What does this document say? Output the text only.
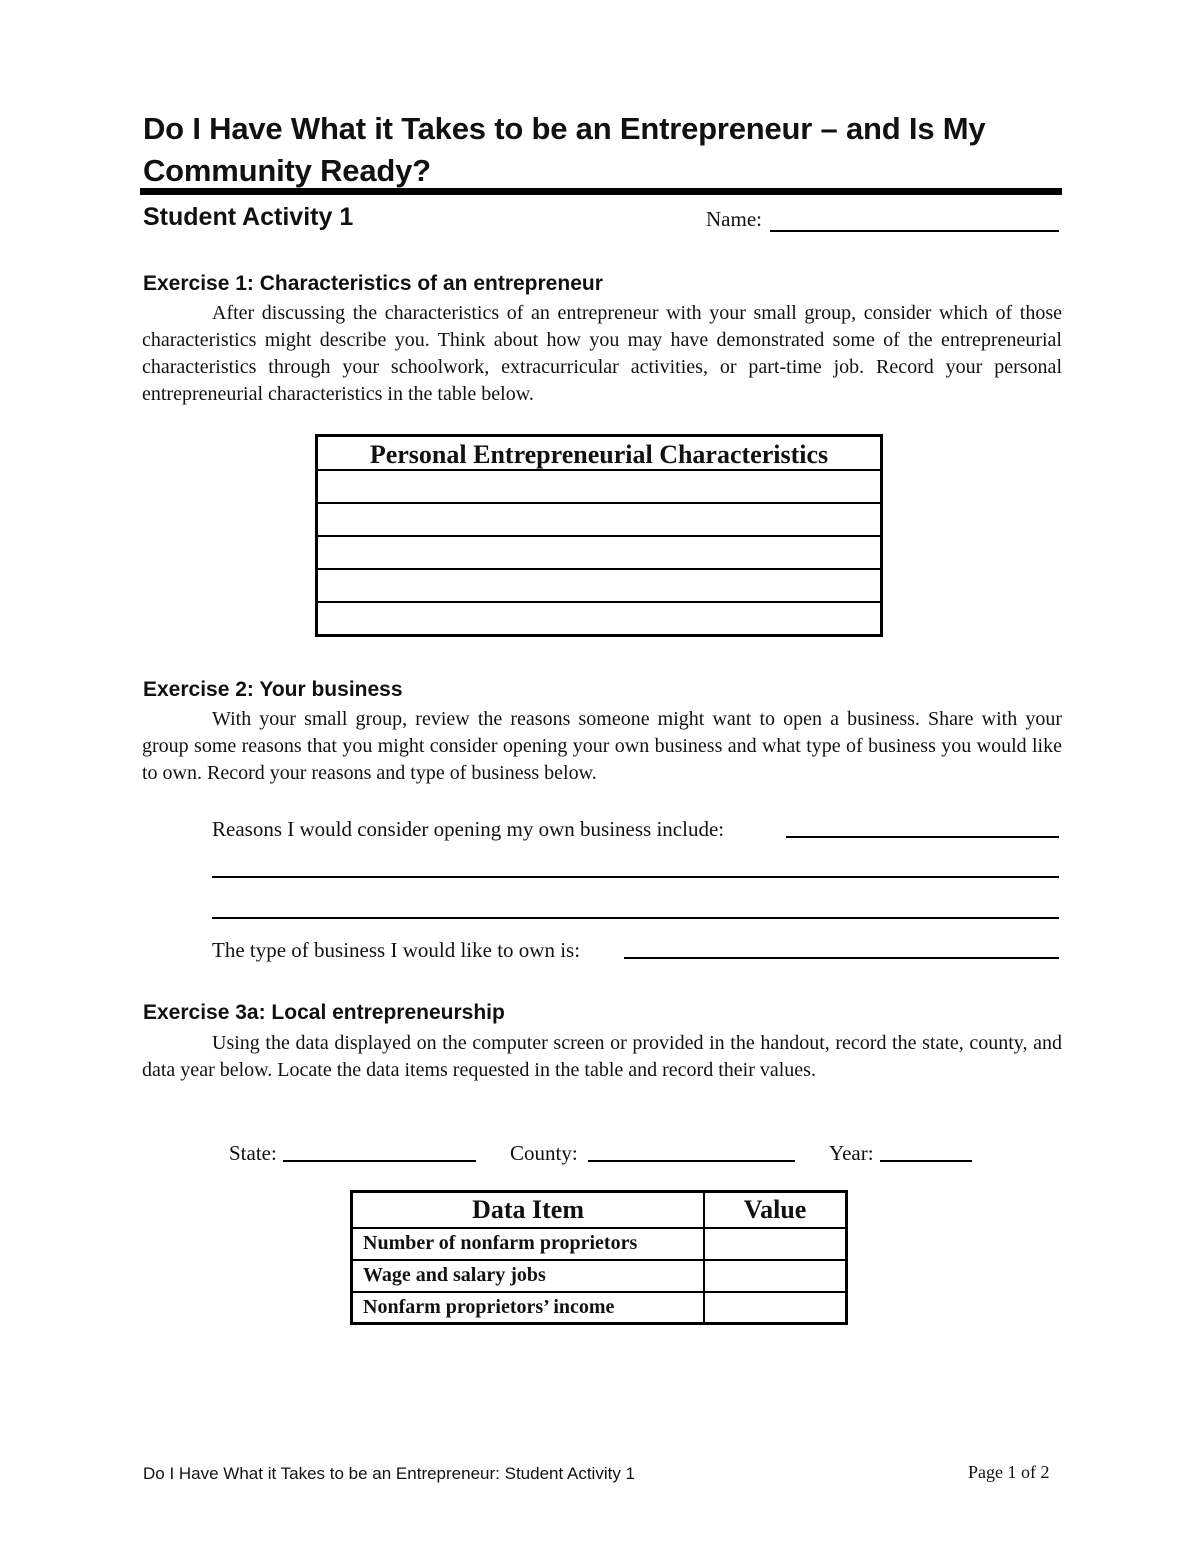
Do I Have What it Takes to be an Entrepreneur – and Is My Community Ready?
Student Activity 1	Name:
Exercise 1: Characteristics of an entrepreneur
After discussing the characteristics of an entrepreneur with your small group, consider which of those characteristics might describe you. Think about how you may have demonstrated some of the entrepreneurial characteristics through your schoolwork, extracurricular activities, or part-time job. Record your personal entrepreneurial characteristics in the table below.
Personal Entrepreneurial Characteristics
Exercise 2: Your business
With your small group, review the reasons someone might want to open a business. Share with your group some reasons that you might consider opening your own business and what type of business you would like to own. Record your reasons and type of business below.
Reasons I would consider opening my own business include:
The type of business I would like to own is:
Exercise 3a: Local entrepreneurship
Using the data displayed on the computer screen or provided in the handout, record the state, county, and data year below. Locate the data items requested in the table and record their values.
State:	County:	Year:
Data Item	Value
Number of nonfarm proprietors	
Wage and salary jobs	
Nonfarm proprietors’ income	
Do I Have What it Takes to be an Entrepreneur: Student Activity 1	Page 1 of 2
